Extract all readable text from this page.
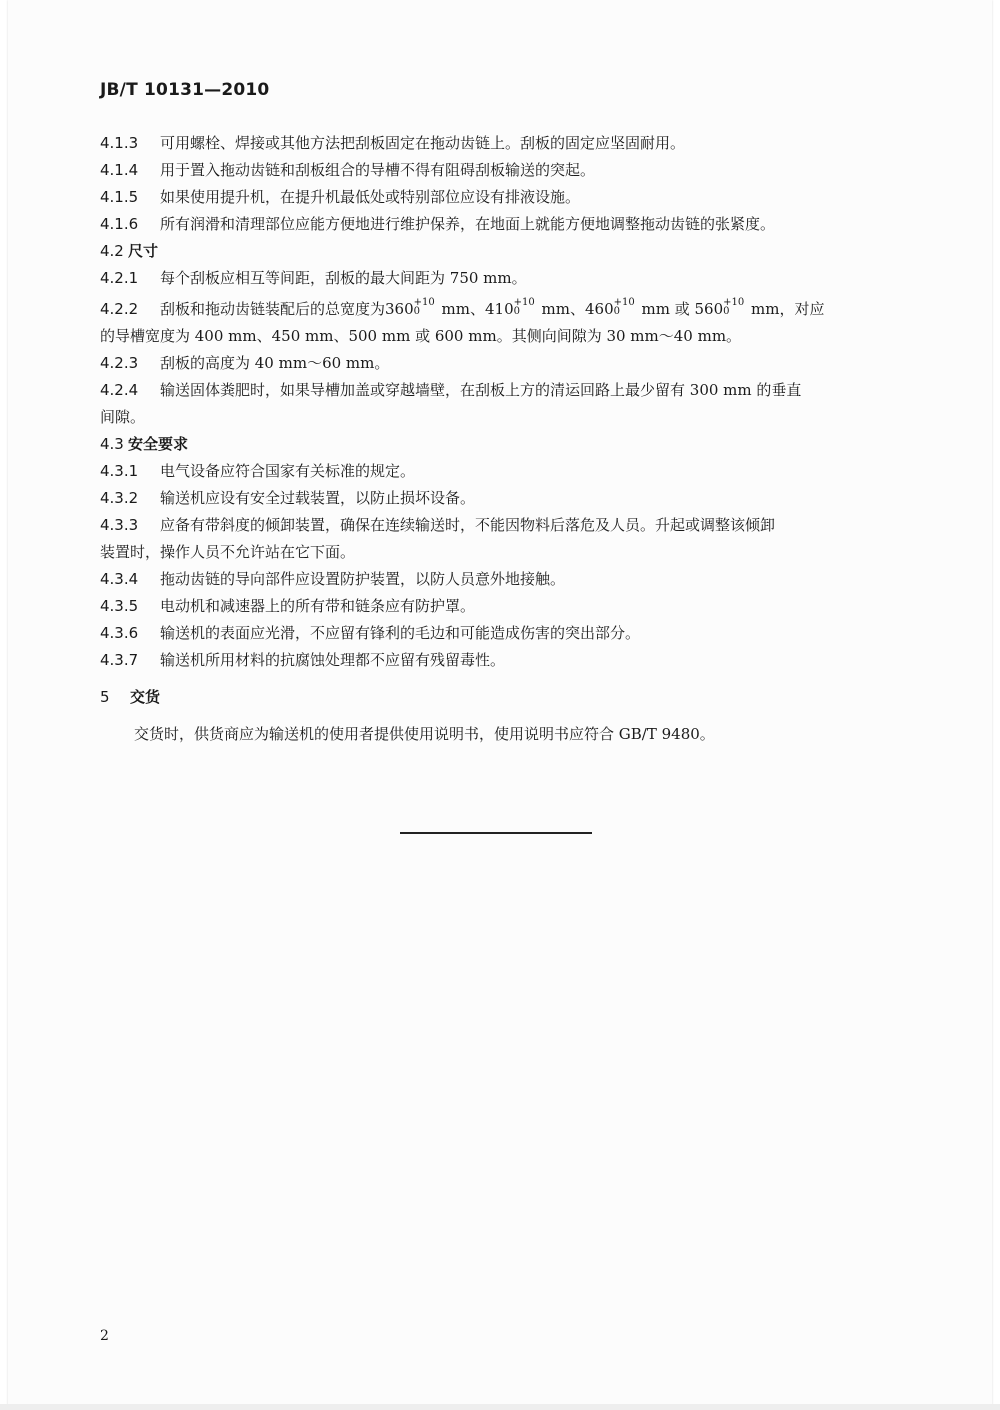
JB/T 10131—2010
4.1.3 可用螺栓、焊接或其他方法把刮板固定在拖动齿链上。刮板的固定应坚固耐用。
4.1.4 用于置入拖动齿链和刮板组合的导槽不得有阻碍刮板输送的突起。
4.1.5 如果使用提升机，在提升机最低处或特别部位应设有排液设施。
4.1.6 所有润滑和清理部位应能方便地进行维护保养，在地面上就能方便地调整拖动齿链的张紧度。
4.2 尺寸
4.2.1 每个刮板应相互等间距，刮板的最大间距为 750 mm。
4.2.2 刮板和拖动齿链装配后的总宽度为360 +10
0	mm、410 +10
0	mm、460 +10
0	mm 或 560 +10
0	mm，对应
的导槽宽度为 400 mm、450 mm、500 mm 或 600 mm。其侧向间隙为 30 mm～40 mm。
4.2.3 刮板的高度为 40 mm～60 mm。
4.2.4 输送固体粪肥时，如果导槽加盖或穿越墙壁，在刮板上方的清运回路上最少留有 300 mm 的垂直
间隙。
4.3 安全要求
4.3.1 电气设备应符合国家有关标准的规定。
4.3.2 输送机应设有安全过载装置，以防止损坏设备。
4.3.3 应备有带斜度的倾卸装置，确保在连续输送时，不能因物料后落危及人员。升起或调整该倾卸
装置时，操作人员不允许站在它下面。
4.3.4 拖动齿链的导向部件应设置防护装置，以防人员意外地接触。
4.3.5 电动机和减速器上的所有带和链条应有防护罩。
4.3.6 输送机的表面应光滑，不应留有锋利的毛边和可能造成伤害的突出部分。
4.3.7 输送机所用材料的抗腐蚀处理都不应留有残留毒性。
5 交货
交货时，供货商应为输送机的使用者提供使用说明书，使用说明书应符合 GB/T 9480。
2
